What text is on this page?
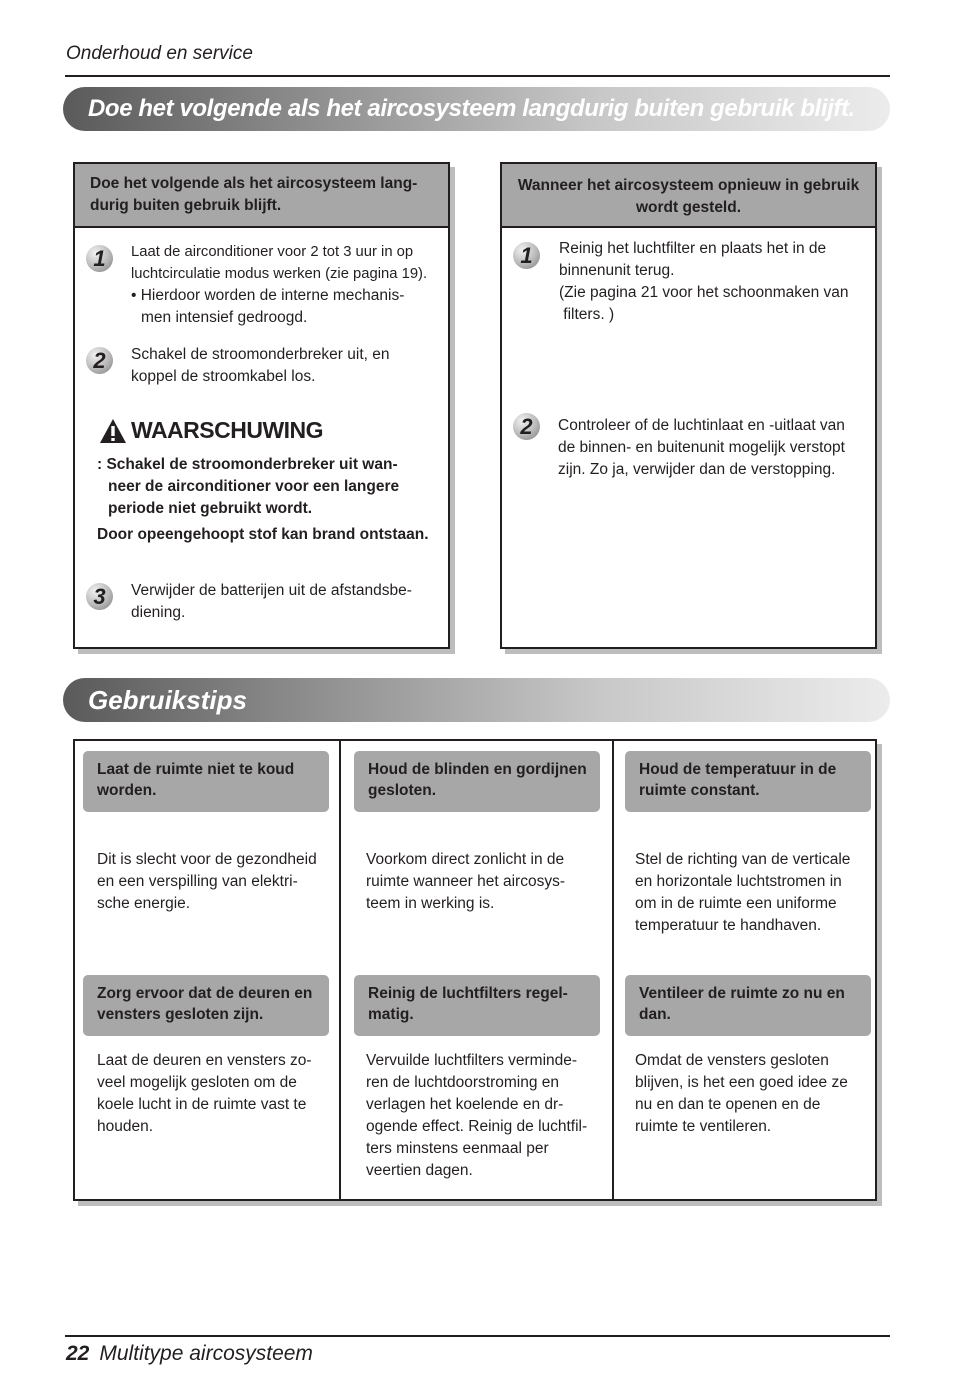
Onderhoud en service
Doe het volgende als het aircosysteem langdurig buiten gebruik blijft.
Doe het volgende als het aircosysteem lang-
durig buiten gebruik blijft.
1	Laat de airconditioner voor 2 tot 3 uur in op
luchtcirculatie modus werken (zie pagina 19).
• Hierdoor worden de interne mechanis-
men intensief gedroogd.
2	Schakel de stroomonderbreker uit, en
koppel de stroomkabel los.
WAARSCHUWING
: Schakel de stroomonderbreker uit wan-
neer de airconditioner voor een langere
periode niet gebruikt wordt.
Door opeengehoopt stof kan brand ontstaan.
3	Verwijder de batterijen uit de afstandsbe-
diening.
Wanneer het aircosysteem opnieuw in gebruik
wordt gesteld.
1	Reinig het luchtfilter en plaats het in de
binnenunit terug.
(Zie pagina 21 voor het schoonmaken van
filters. )
2	Controleer of de luchtinlaat en -uitlaat van
de binnen- en buitenunit mogelijk verstopt
zijn. Zo ja, verwijder dan de verstopping.
Gebruikstips
Laat de ruimte niet te koud
worden.
Dit is slecht voor de gezondheid
en een verspilling van elektri-
sche energie.
Houd de blinden en gordijnen
gesloten.
Voorkom direct zonlicht in de
ruimte wanneer het aircosys-
teem in werking is.
Houd de temperatuur in de
ruimte constant.
Stel de richting van de verticale
en horizontale luchtstromen in
om in de ruimte een uniforme
temperatuur te handhaven.
Zorg ervoor dat de deuren en
vensters gesloten zijn.
Laat de deuren en vensters zo-
veel mogelijk gesloten om de
koele lucht in de ruimte vast te
houden.
Reinig de luchtfilters regel-
matig.
Vervuilde luchtfilters verminde-
ren de luchtdoorstroming en
verlagen het koelende en dr-
ogende effect. Reinig de luchtfil-
ters minstens eenmaal per
veertien dagen.
Ventileer de ruimte zo nu en
dan.
Omdat de vensters gesloten
blijven, is het een goed idee ze
nu en dan te openen en de
ruimte te ventileren.
22 Multitype aircosysteem
